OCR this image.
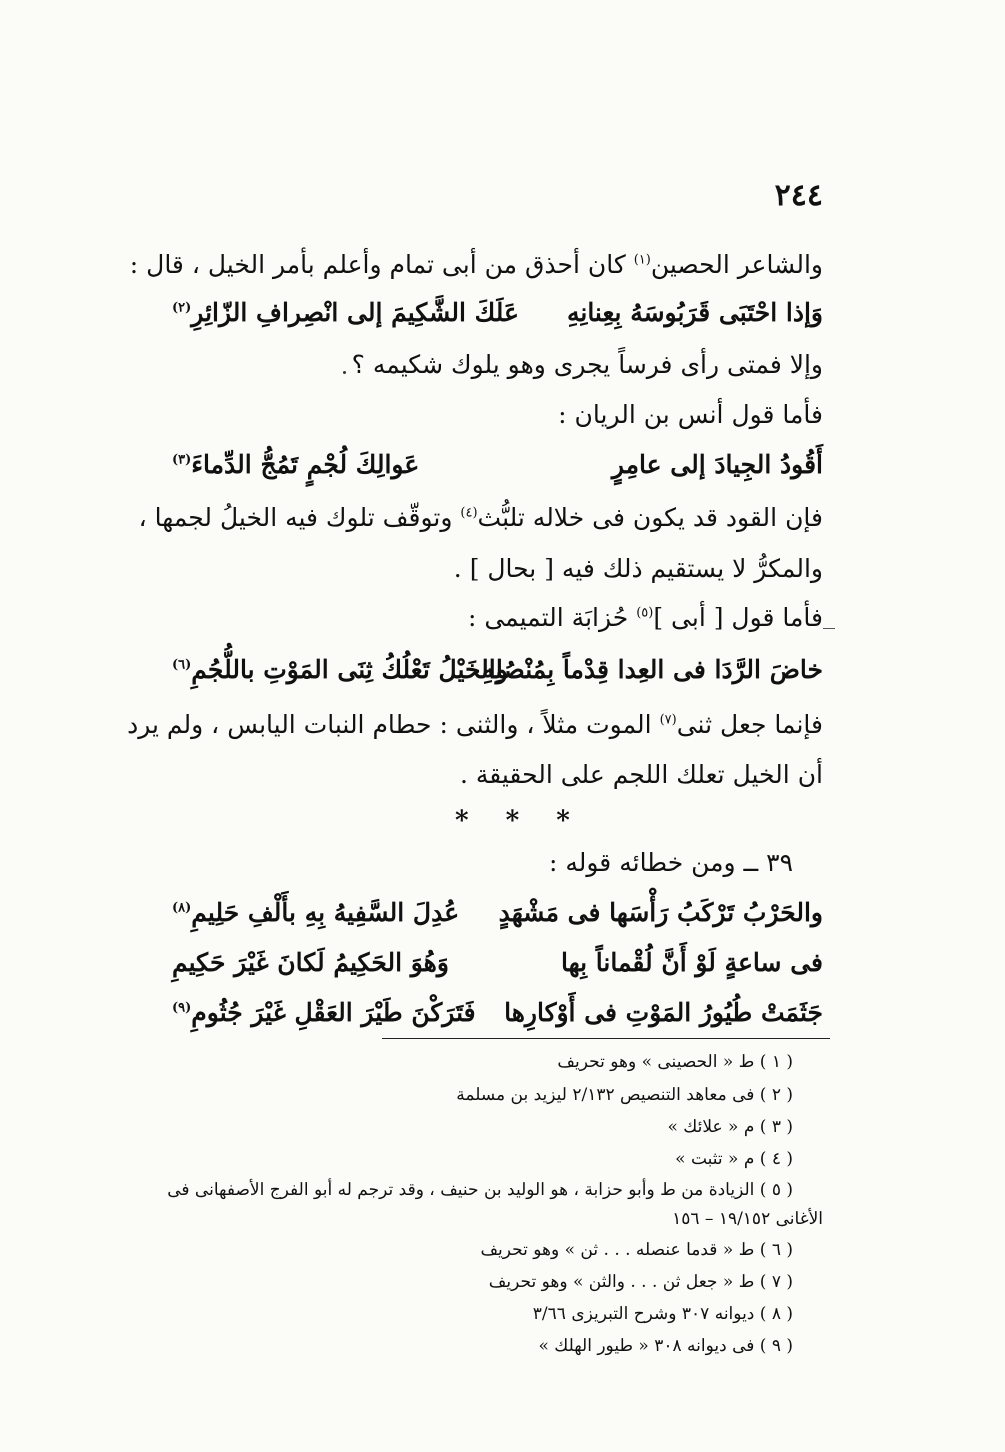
٢٤٤
والشاعر الحصين$^{(١)}$ كان أحذق من أبى تمام وأعلم بأمر الخيل ، قال :
وَإذا احْتَبَى قَرَبُوسَهُ بِعِنانِهِ
عَلَكَ الشَّكِيمَ إلى انْصِرافِ الزّائِرِ$^{(٢)}$
وإلا فمتى رأى فرساً يجرى وهو يلوك شكيمه ؟
فأما قول أنس بن الريان :
أَقُودُ الجِيادَ إلى عامِرٍ
عَوالِكَ لُجْمٍ تَمُجُّ الدِّماءَ$^{(٣)}$
فإن القود قد يكون فى خلاله تلبُّث$^{(٤)}$ وتوقّف تلوك فيه الخيلُ لجمها ،
والمكرُّ لا يستقيم ذلك فيه [ بحال ] .
فأما قول [ أبى ]$^{(٥)}$ حُزابَة التميمى :
خاضَ الرَّدَا فى العِدا قِدْماً بِمُنْصُلِهِ
والخَيْلُ تَعْلُكُ ثِنَى المَوْتِ باللُّجُمِ$^{(٦)}$
فإنما جعل ثنى$^{(٧)}$ الموت مثلاً ، والثنى : حطام النبات اليابس ، ولم يرد
أن الخيل تعلك اللجم على الحقيقة .
* * *
٣٩ ــ ومن خطائه قوله :
والحَرْبُ تَرْكَبُ رَأْسَها فى مَشْهَدٍ
عُدِلَ السَّفِيهُ بِهِ بأَلْفِ حَلِيمِ$^{(٨)}$
فى ساعةٍ لَوْ أَنَّ لُقْماناً بِها
وَهُوَ الحَكِيمُ لَكانَ غَيْرَ حَكِيمِ
جَثَمَتْ طُيُورُ المَوْتِ فى أَوْكارِها
فَتَرَكْنَ طَيْرَ العَقْلِ غَيْرَ جُثُومِ$^{(٩)}$
( ١ ) ط « الحصينى » وهو تحريف
( ٢ ) فى معاهد التنصيص ٢/١٣٢ ليزيد بن مسلمة
( ٣ ) م « علائك »
( ٤ ) م « تثبت »
( ٥ ) الزيادة من ط وأبو حزابة ، هو الوليد بن حنيف ، وقد ترجم له أبو الفرج الأصفهانى فى
الأغانى ١٩/١٥٢ – ١٥٦
( ٦ ) ط « قدما عنصله . . . ثن » وهو تحريف
( ٧ ) ط « جعل ثن . . . والثن » وهو تحريف
( ٨ ) ديوانه ٣٠٧ وشرح التبريزى ٣/٦٦
( ٩ ) فى ديوانه ٣٠٨ « طيور الهلك »
